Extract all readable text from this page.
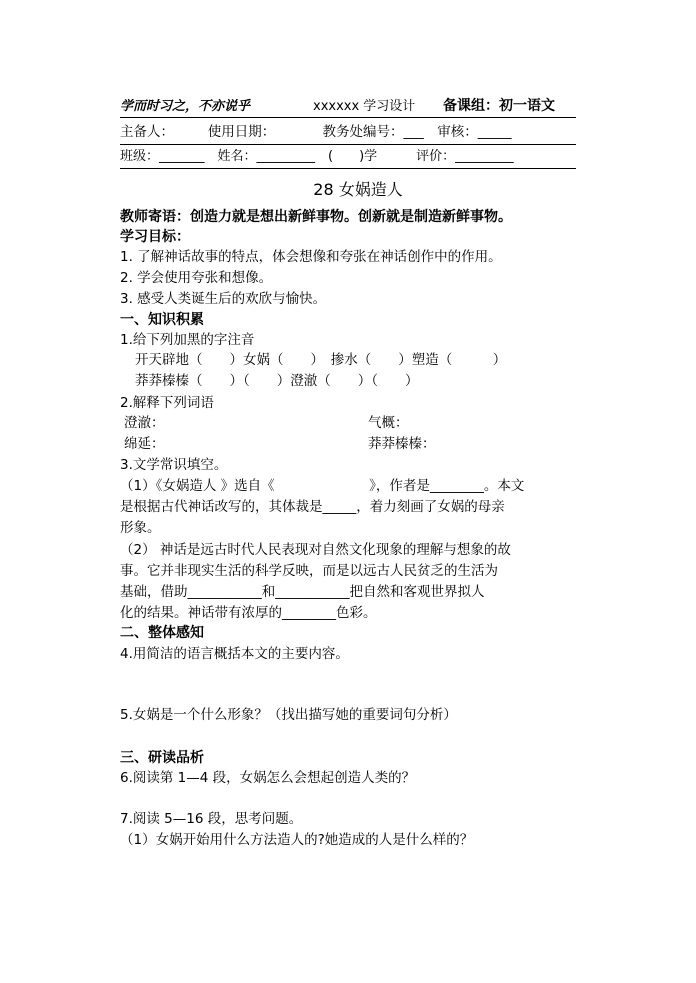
学而时习之，不亦说乎	xxxxxx 学习设计 备课组：初一语文
主备人：　　　使用日期：　　　　教务处编号：___　审核：_____
班级：_______　姓名：_________　(　　)学　　　评价：_________
28 女娲造人
教师寄语：创造力就是想出新鲜事物。创新就是制造新鲜事物。
学习目标：
1. 了解神话故事的特点，体会想像和夸张在神话创作中的作用。
2. 学会使用夸张和想像。
3. 感受人类诞生后的欢欣与愉快。
一、知识积累
1.给下列加黑的字注音
开天辟地（　　）女娲（　　）　掺水（　　）塑造（　　　）
莽莽榛榛（　　）（　　）澄澈（　　）（　　）
2.解释下列词语
澄澈：	气概：
绵延：	莽莽榛榛：
3.文学常识填空。
（1）《女娲造人 》选自《　　　　　　　》，作者是________。本文
是根据古代神话改写的，其体裁是_____，着力刻画了女娲的母亲
形象。
（2） 神话是远古时代人民表现对自然文化现象的理解与想象的故
事。它并非现实生活的科学反映，而是以远古人民贫乏的生活为
基础，借助___________和___________把自然和客观世界拟人
化的结果。神话带有浓厚的________色彩。
二、整体感知
4.用简洁的语言概括本文的主要内容。
5.女娲是一个什么形象？（找出描写她的重要词句分析）
三、研读品析
6.阅读第 1—4 段，女娲怎么会想起创造人类的？
7.阅读 5—16 段，思考问题。
（1）女娲开始用什么方法造人的?她造成的人是什么样的？
